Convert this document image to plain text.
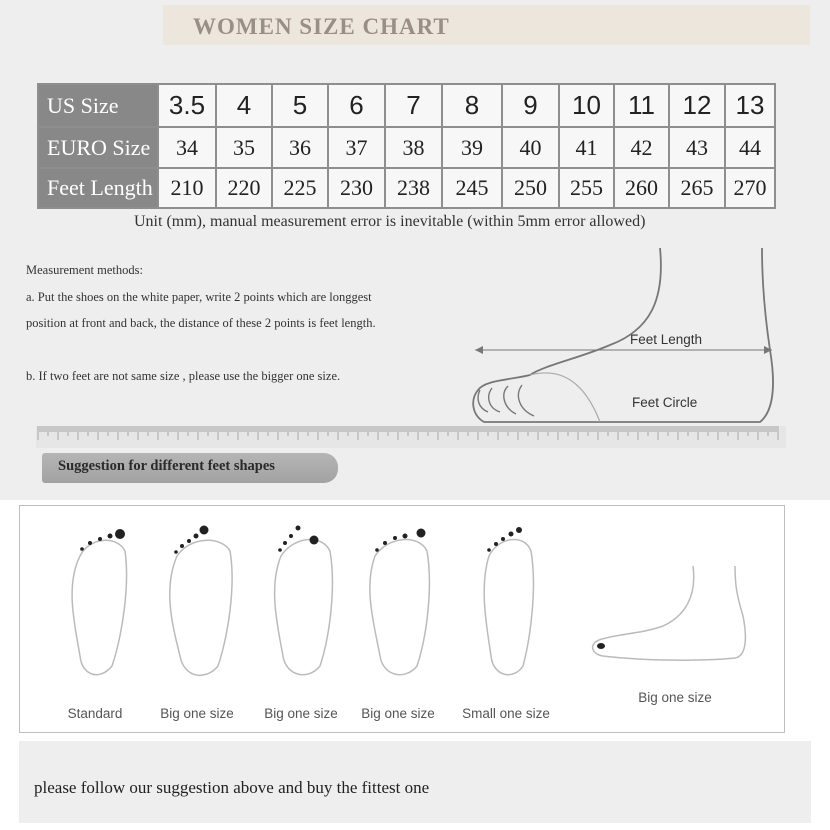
WOMEN SIZE CHART
US Size	3.5	4	5	6	7	8	9	10	11	12	13
EURO Size	34	35	36	37	38	39	40	41	42	43	44
Feet Length	210	220	225	230	238	245	250	255	260	265	270
Unit (mm), manual measurement error is inevitable (within 5mm error allowed)
Measurement methods:
a. Put the shoes on the white paper, write 2 points which are longgest
position at front and back, the distance of these 2 points is feet length.
b. If two feet are not same size , please use the bigger one size.
Feet Length
Feet Circle
Suggestion for different feet shapes
Standard	Big one size	Big one size	Big one size	Small one size
Big one size
please follow our suggestion above and buy the fittest one
